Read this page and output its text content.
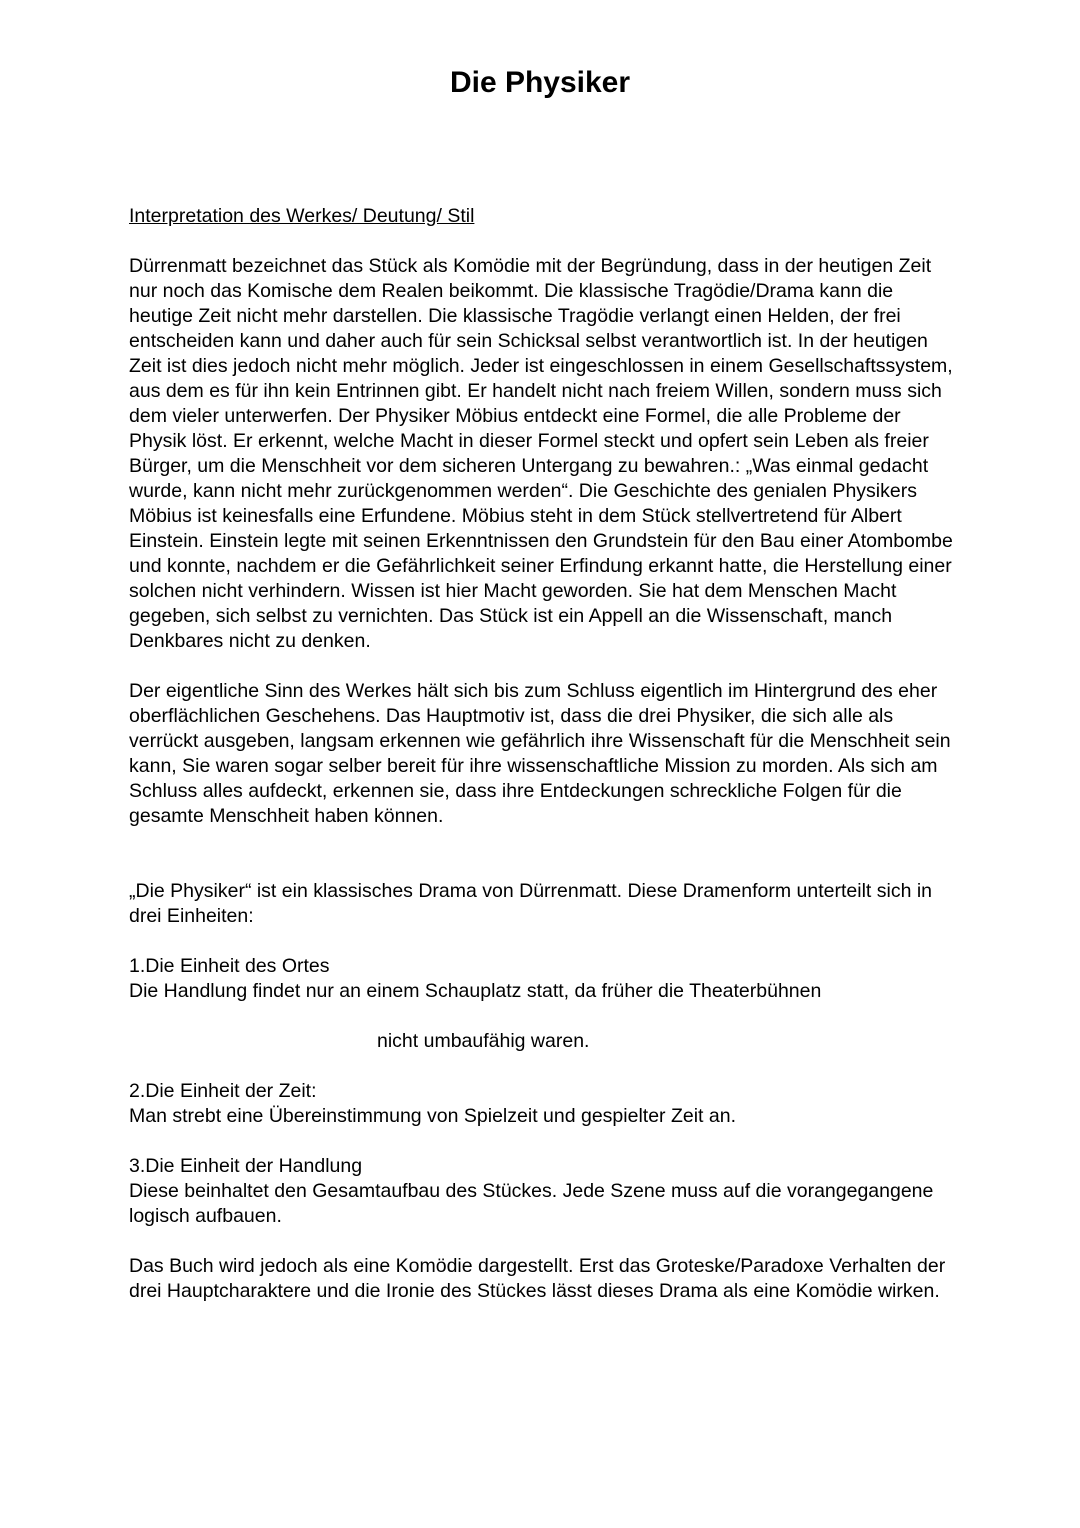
Die Physiker

Interpretation des Werkes/ Deutung/ Stil

Dürrenmatt bezeichnet das Stück als Komödie mit der Begründung, dass in der heutigen Zeit nur noch das Komische dem Realen beikommt. Die klassische Tragödie/Drama kann die heutige Zeit nicht mehr darstellen. Die klassische Tragödie verlangt einen Helden, der frei entscheiden kann und daher auch für sein Schicksal selbst verantwortlich ist. In der heutigen Zeit ist dies jedoch nicht mehr möglich. Jeder ist eingeschlossen in einem Gesellschaftssystem, aus dem es für ihn kein Entrinnen gibt. Er handelt nicht nach freiem Willen, sondern muss sich dem vieler unterwerfen. Der Physiker Möbius entdeckt eine Formel, die alle Probleme der Physik löst. Er erkennt, welche Macht in dieser Formel steckt und opfert sein Leben als freier Bürger, um die Menschheit vor dem sicheren Untergang zu bewahren.: „Was einmal gedacht wurde, kann nicht mehr zurückgenommen werden“. Die Geschichte des genialen Physikers Möbius ist keinesfalls eine Erfundene. Möbius steht in dem Stück stellvertretend für Albert Einstein. Einstein legte mit seinen Erkenntnissen den Grundstein für den Bau einer Atombombe und konnte, nachdem er die Gefährlichkeit seiner Erfindung erkannt hatte, die Herstellung einer solchen nicht verhindern. Wissen ist hier Macht geworden. Sie hat dem Menschen Macht gegeben, sich selbst zu vernichten. Das Stück ist ein Appell an die Wissenschaft, manch Denkbares nicht zu denken.

Der eigentliche Sinn des Werkes hält sich bis zum Schluss eigentlich im Hintergrund des eher oberflächlichen Geschehens. Das Hauptmotiv ist, dass die drei Physiker, die sich alle als verrückt ausgeben, langsam erkennen wie gefährlich ihre Wissenschaft für die Menschheit sein kann, Sie waren sogar selber bereit für ihre wissenschaftliche Mission zu morden. Als sich am Schluss alles aufdeckt, erkennen sie, dass ihre Entdeckungen schreckliche Folgen für die gesamte Menschheit haben können.

„Die Physiker“ ist ein klassisches Drama von Dürrenmatt. Diese Dramenform unterteilt sich in drei Einheiten:

1.Die Einheit des Ortes

Die Handlung findet nur an einem Schauplatz statt, da früher die Theaterbühnen

nicht umbaufähig waren.

2.Die Einheit der Zeit:

Man strebt eine Übereinstimmung von Spielzeit und gespielter Zeit an.

3.Die Einheit der Handlung

Diese beinhaltet den Gesamtaufbau des Stückes. Jede Szene muss auf die vorangegangene logisch aufbauen.

Das Buch wird jedoch als eine Komödie dargestellt. Erst das Groteske/Paradoxe Verhalten der drei Hauptcharaktere und die Ironie des Stückes lässt dieses Drama als eine Komödie wirken.
